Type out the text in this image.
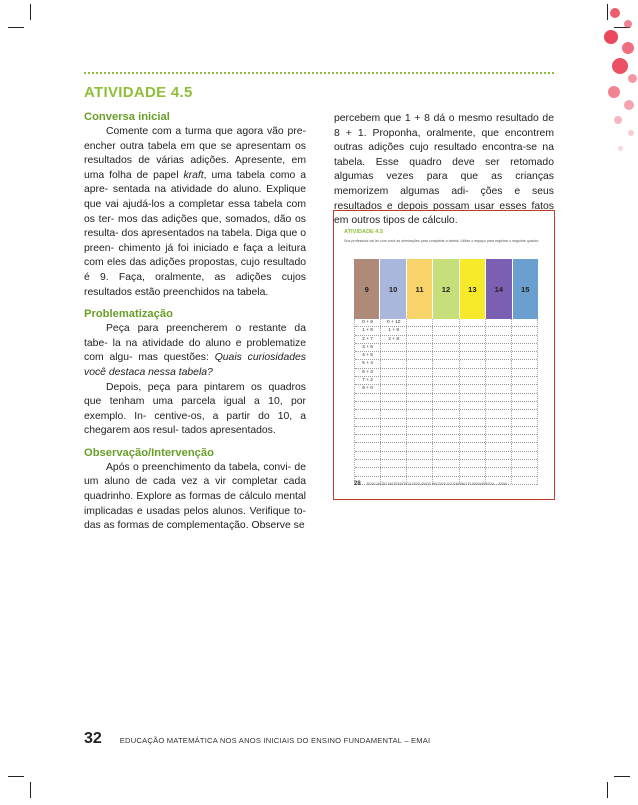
ATIVIDADE 4.5
Conversa inicial

Comente com a turma que agora vão pre- encher outra tabela em que se apresentam os resultados de várias adições. Apresente, em uma folha de papel kraft, uma tabela como a apre- sentada na atividade do aluno. Explique que vai ajudá-los a completar essa tabela com os ter- mos das adições que, somados, dão os resulta- dos apresentados na tabela. Diga que o preen- chimento já foi iniciado e faça a leitura com eles das adições propostas, cujo resultado é 9. Faça, oralmente, as adições cujos resultados estão preenchidos na tabela.

Problematização

Peça para preencherem o restante da tabe- la na atividade do aluno e problematize com algu- mas questões: Quais curiosidades você destaca nessa tabela?

Depois, peça para pintarem os quadros que tenham uma parcela igual a 10, por exemplo. In- centive-os, a partir do 10, a chegarem aos resul- tados apresentados.

Observação/Intervenção

Após o preenchimento da tabela, convi- de um aluno de cada vez a vir completar cada quadrinho. Explore as formas de cálculo mental implicadas e usadas pelos alunos. Verifique to- das as formas de complementação. Observe se

percebem que 1 + 8 dá o mesmo resultado de 8 + 1. Proponha, oralmente, que encontrem outras adições cujo resultado encontra-se na tabela. Esse quadro deve ser retomado algumas vezes para que as crianças memorizem algumas adi- ções e seus resultados e depois possam usar esses fatos em outros tipos de cálculo.

ATIVIDADE 4.5
Sua professora vai ler com você as orientações para completar a tabela. Utilize o espaço para registrar o seguinte quadro:
9	10	11	12	13	14	15
0 + 9	0 + 10
1 + 8	1 + 9
2 + 7	2 + 8
3 + 6
4 + 5
5 + 4
6 + 3
7 + 2
9 + 0
28 EDUCAÇÃO MATEMÁTICA NOS ANOS INICIAIS DO ENSINO FUNDAMENTAL – EMAI
32 EDUCAÇÃO MATEMÁTICA NOS ANOS INICIAIS DO ENSINO FUNDAMENTAL – EMAI
